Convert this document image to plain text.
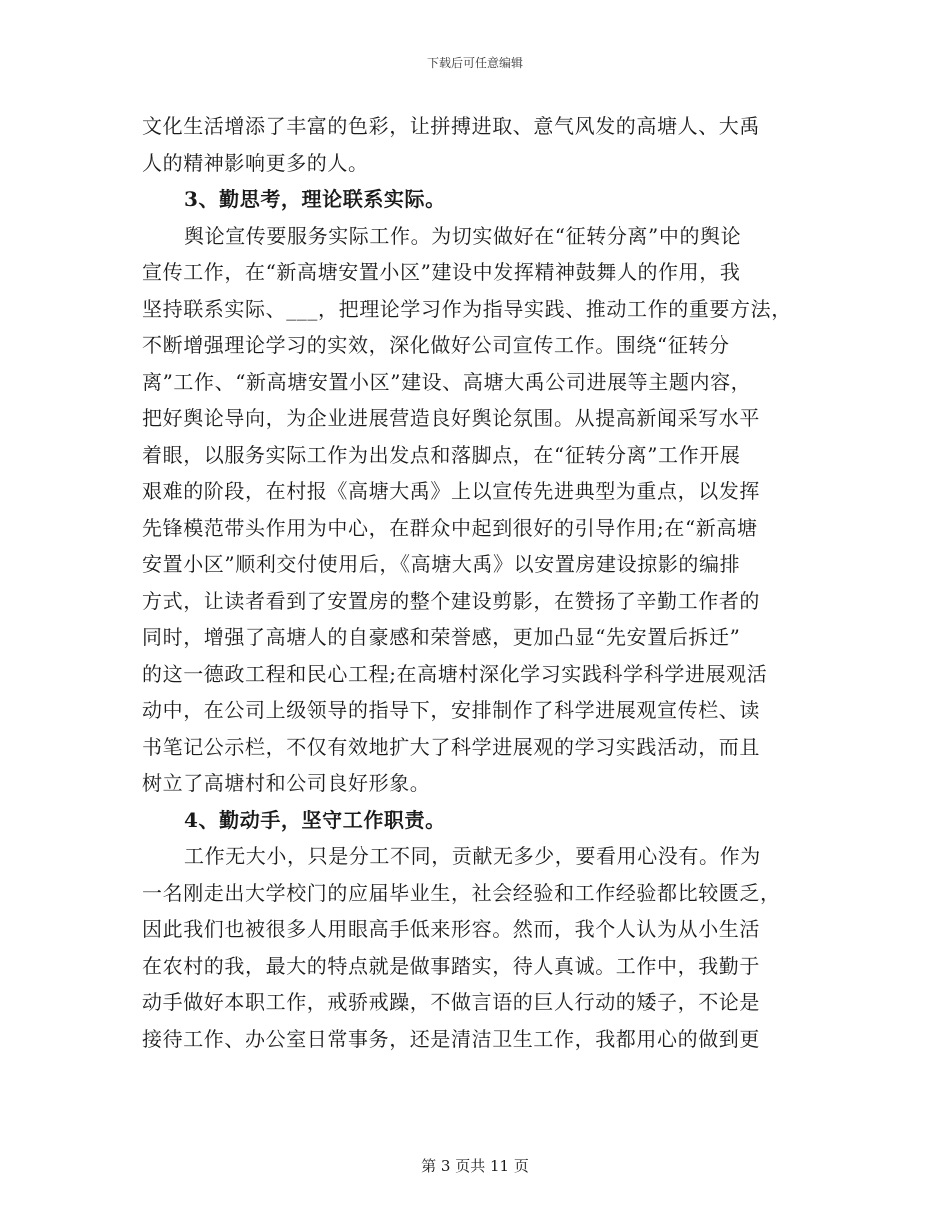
下载后可任意编辑
文化生活增添了丰富的色彩，让拼搏进取、意气风发的高塘人、大禹
人的精神影响更多的人。
3、勤思考，理论联系实际。
舆论宣传要服务实际工作。为切实做好在“征转分离”中的舆论
宣传工作，在“新高塘安置小区”建设中发挥精神鼓舞人的作用，我
坚持联系实际、___，把理论学习作为指导实践、推动工作的重要方法，
不断增强理论学习的实效，深化做好公司宣传工作。围绕“征转分
离”工作、“新高塘安置小区”建设、高塘大禹公司进展等主题内容，
把好舆论导向，为企业进展营造良好舆论氛围。从提高新闻采写水平
着眼，以服务实际工作为出发点和落脚点，在“征转分离”工作开展
艰难的阶段，在村报《高塘大禹》上以宣传先进典型为重点，以发挥
先锋模范带头作用为中心，在群众中起到很好的引导作用;在“新高塘
安置小区”顺利交付使用后，《高塘大禹》以安置房建设掠影的编排
方式，让读者看到了安置房的整个建设剪影，在赞扬了辛勤工作者的
同时，增强了高塘人的自豪感和荣誉感，更加凸显“先安置后拆迁”
的这一德政工程和民心工程;在高塘村深化学习实践科学科学进展观活
动中，在公司上级领导的指导下，安排制作了科学进展观宣传栏、读
书笔记公示栏，不仅有效地扩大了科学进展观的学习实践活动，而且
树立了高塘村和公司良好形象。
4、勤动手，坚守工作职责。
工作无大小，只是分工不同，贡献无多少，要看用心没有。作为
一名刚走出大学校门的应届毕业生，社会经验和工作经验都比较匮乏，
因此我们也被很多人用眼高手低来形容。然而，我个人认为从小生活
在农村的我，最大的特点就是做事踏实，待人真诚。工作中，我勤于
动手做好本职工作，戒骄戒躁，不做言语的巨人行动的矮子，不论是
接待工作、办公室日常事务，还是清洁卫生工作，我都用心的做到更
第 3 页共 11 页
